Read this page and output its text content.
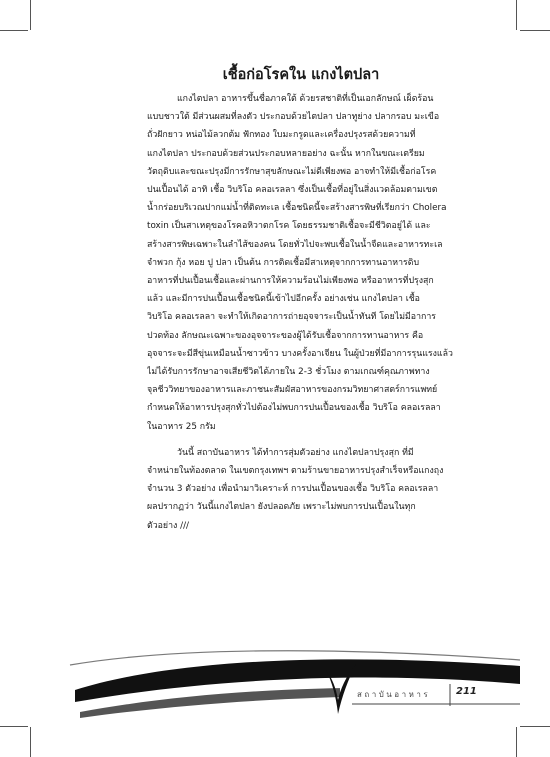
เชื้อก่อโรคใน แกงไตปลา

แกงไตปลา อาหารขึ้นชื่อภาคใต้ ด้วยรสชาติที่เป็นเอกลักษณ์ เผ็ดร้อน
แบบชาวใต้ มีส่วนผสมที่ลงตัว ประกอบด้วยไตปลา ปลาทูย่าง ปลากรอบ มะเขือ
ถั่วฝักยาว หน่อไม้ลวกต้ม ฟักทอง ใบมะกรูดและเครื่องปรุงรสด้วยความที่
แกงไตปลา ประกอบด้วยส่วนประกอบหลายอย่าง ฉะนั้น หากในขณะเตรียม
วัตถุดิบและขณะปรุงมีการรักษาสุขลักษณะไม่ดีเพียงพอ อาจทำให้มีเชื้อก่อโรค
ปนเปื้อนได้ อาทิ เชื้อ วิบริโอ คลอเรลลา ซึ่งเป็นเชื้อที่อยู่ในสิ่งแวดล้อมตามเขต
น้ำกร่อยบริเวณปากแม่น้ำที่ติดทะเล เชื้อชนิดนี้จะสร้างสารพิษที่เรียกว่า Cholera
toxin เป็นสาเหตุของโรคอหิวาตกโรค โดยธรรมชาติเชื้อจะมีชีวิตอยู่ได้ และ
สร้างสารพิษเฉพาะในลำไส้ของคน โดยทั่วไปจะพบเชื้อในน้ำจืดและอาหารทะเล
จำพวก กุ้ง หอย ปู ปลา เป็นต้น การติดเชื้อมีสาเหตุจากการทานอาหารดิบ
อาหารที่ปนเปื้อนเชื้อและผ่านการให้ความร้อนไม่เพียงพอ หรืออาหารที่ปรุงสุก
แล้ว และมีการปนเปื้อนเชื้อชนิดนี้เข้าไปอีกครั้ง อย่างเช่น แกงไตปลา เชื้อ
วิบริโอ คลอเรลลา จะทำให้เกิดอาการถ่ายอุจจาระเป็นน้ำทันที โดยไม่มีอาการ
ปวดท้อง ลักษณะเฉพาะของอุจจาระของผู้ได้รับเชื้อจากการทานอาหาร คือ
อุจจาระจะมีสีขุ่นเหมือนน้ำซาวข้าว บางครั้งอาเจียน ในผู้ป่วยที่มีอาการรุนแรงแล้ว
ไม่ได้รับการรักษาอาจเสียชีวิตได้ภายใน 2-3 ชั่วโมง ตามเกณฑ์คุณภาพทาง
จุลชีววิทยาของอาหารและภาชนะสัมผัสอาหารของกรมวิทยาศาสตร์การแพทย์
กำหนดให้อาหารปรุงสุกทั่วไปต้องไม่พบการปนเปื้อนของเชื้อ วิบริโอ คลอเรลลา
ในอาหาร 25 กรัม

วันนี้ สถาบันอาหาร ได้ทำการสุ่มตัวอย่าง แกงไตปลาปรุงสุก ที่มี
จำหน่ายในท้องตลาด ในเขตกรุงเทพฯ ตามร้านขายอาหารปรุงสำเร็จหรือแกงถุง
จำนวน 3 ตัวอย่าง เพื่อนำมาวิเคราะห์ การปนเปื้อนของเชื้อ วิบริโอ คลอเรลลา
ผลปรากฏว่า วันนี้แกงไตปลา ยังปลอดภัย เพราะไม่พบการปนเปื้อนในทุก
ตัวอย่าง ///

สถาบันอาหาร	211
